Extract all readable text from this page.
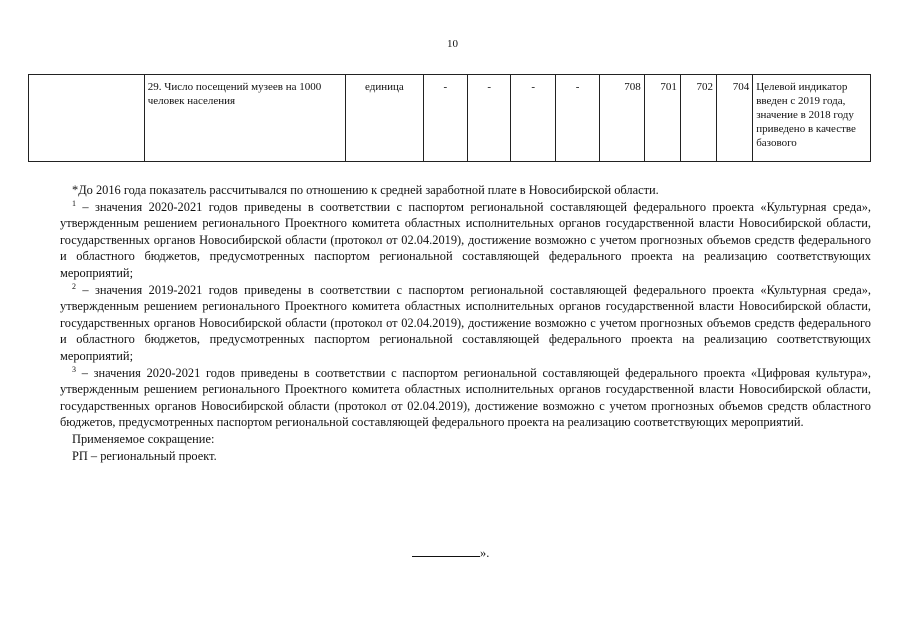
10
	29. Число посещений музеев на 1000 человек населения	единица	-	-	-	-	708	701	702	704	Целевой индикатор введен с 2019 года, значение в 2018 году приведено в качестве базового

*До 2016 года показатель рассчитывался по отношению к средней заработной плате в Новосибирской области.

$^1$ – значения 2020-2021 годов приведены в соответствии с паспортом региональной составляющей федерального проекта «Культурная среда», утвержденным решением регионального Проектного комитета областных исполнительных органов государственной власти Новосибирской области, государственных органов Новосибирской области (протокол от 02.04.2019), достижение возможно с учетом прогнозных объемов средств федерального и областного бюджетов, предусмотренных паспортом региональной составляющей федерального проекта на реализацию соответствующих мероприятий;

$^2$ – значения 2019-2021 годов приведены в соответствии с паспортом региональной составляющей федерального проекта «Культурная среда», утвержденным решением регионального Проектного комитета областных исполнительных органов государственной власти Новосибирской области, государственных органов Новосибирской области (протокол от 02.04.2019), достижение возможно с учетом прогнозных объемов средств федерального и областного бюджетов, предусмотренных паспортом региональной составляющей федерального проекта на реализацию соответствующих мероприятий;

$^3$ – значения 2020-2021 годов приведены в соответствии с паспортом региональной составляющей федерального проекта «Цифровая культура», утвержденным решением регионального Проектного комитета областных исполнительных органов государственной власти Новосибирской области, государственных органов Новосибирской области (протокол от 02.04.2019), достижение возможно с учетом прогнозных объемов средств областного бюджетов, предусмотренных паспортом региональной составляющей федерального проекта на реализацию соответствующих мероприятий.

Применяемое сокращение:

РП – региональный проект.

».
